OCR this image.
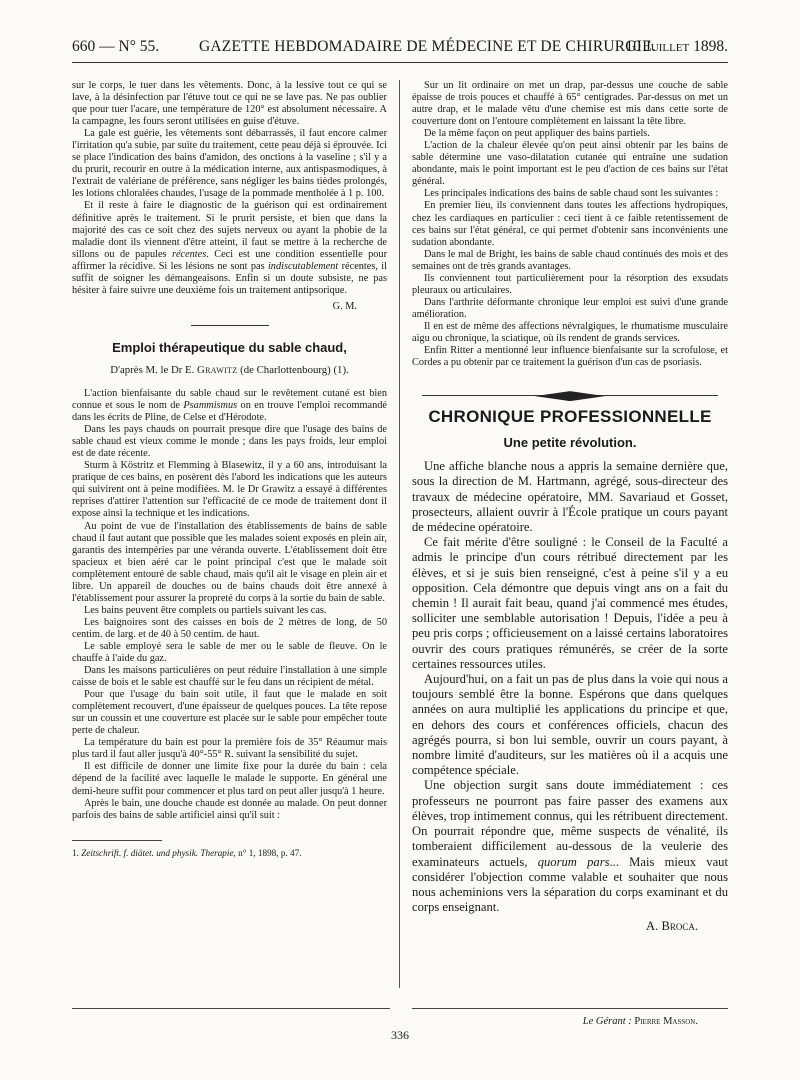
660 — N° 55.	GAZETTE HEBDOMADAIRE DE MÉDECINE ET DE CHIRURGIE.
10 Juillet 1898.

sur le corps, le tuer dans les vêtements. Donc, à la lessive tout ce qui se lave, à la désinfection par l'étuve tout ce qui ne se lave pas. Ne pas oublier que pour tuer l'acare, une température de 120° est absolument nécessaire. A la campagne, les fours seront utilisées en guise d'étuve.

La gale est guérie, les vêtements sont débarrassés, il faut encore calmer l'irritation qu'a subie, par suite du traitement, cette peau déjà si éprouvée. Ici se place l'indication des bains d'amidon, des onctions à la vaseline ; s'il y a du prurit, recourir en outre à la médication interne, aux antispasmodiques, à l'extrait de valériane de préférence, sans négliger les bains tièdes prolongés, les lotions chloralées chaudes, l'usage de la pommade mentholée à 1 p. 100.

Et il reste à faire le diagnostic de la guérison qui est ordinairement définitive après le traitement. Si le prurit persiste, et bien que dans la majorité des cas ce soit chez des sujets nerveux ou ayant la phobie de la maladie dont ils viennent d'être atteint, il faut se mettre à la recherche de sillons ou de papules récentes. Ceci est une condition essentielle pour affirmer la récidive. Si les lésions ne sont pas indiscutablement récentes, il suffit de soigner les démangeaisons. Enfin si un doute subsiste, ne pas hésiter à faire suivre une deuxième fois un traitement antipsorique.

G. M.
Emploi thérapeutique du sable chaud,
D'après M. le Dr E. Grawitz (de Charlottenbourg) (1).

L'action bienfaisante du sable chaud sur le revêtement cutané est bien connue et sous le nom de Psammismus on en trouve l'emploi recommandé dans les écrits de Pline, de Celse et d'Hérodote.

Dans les pays chauds on pourrait presque dire que l'usage des bains de sable chaud est vieux comme le monde ; dans les pays froids, leur emploi est de date récente.

Sturm à Köstritz et Flemming à Blasewitz, il y a 60 ans, introduisant la pratique de ces bains, en posèrent dès l'abord les indications que les auteurs qui suivirent ont à peine modifiées. M. le Dr Grawitz a essayé à différentes reprises d'attirer l'attention sur l'efficacité de ce mode de traitement dont il expose ainsi la technique et les indications.

Au point de vue de l'installation des établissements de bains de sable chaud il faut autant que possible que les malades soient exposés en plein air, garantis des intempéries par une véranda ouverte. L'établissement doit être spacieux et bien aéré car le point principal c'est que le malade soit complètement entouré de sable chaud, mais qu'il ait le visage en plein air et libre. Un appareil de douches ou de bains chauds doit être annexé à l'établissement pour assurer la propreté du corps à la sortie du bain de sable.

Les bains peuvent être complets ou partiels suivant les cas.

Les baignoires sont des caisses en bois de 2 mètres de long, de 50 centim. de larg. et de 40 à 50 centim. de haut.

Le sable employé sera le sable de mer ou le sable de fleuve. On le chauffe à l'aide du gaz.

Dans les maisons particulières on peut réduire l'installation à une simple caisse de bois et le sable est chauffé sur le feu dans un récipient de métal.

Pour que l'usage du bain soit utile, il faut que le malade en soit complètement recouvert, d'une épaisseur de quelques pouces. La tête repose sur un coussin et une couverture est placée sur le sable pour empêcher toute perte de chaleur.

La température du bain est pour la première fois de 35° Réaumur mais plus tard il faut aller jusqu'à 40°-55° R. suivant la sensibilité du sujet.

Il est difficile de donner une limite fixe pour la durée du bain : cela dépend de la facilité avec laquelle le malade le supporte. En général une demi-heure suffit pour commencer et plus tard on peut aller jusqu'à 1 heure.

Après le bain, une douche chaude est donnée au malade. On peut donner parfois des bains de sable artificiel ainsi qu'il suit :

1. Zeitschrift. f. diätet. und physik. Therapie, n° 1, 1898, p. 47.

Sur un lit ordinaire on met un drap, par-dessus une couche de sable épaisse de trois pouces et chauffé à 65° centigrades. Par-dessus on met un autre drap, et le malade vêtu d'une chemise est mis dans cette sorte de couverture dont on l'entoure complètement en laissant la tête libre.

De la même façon on peut appliquer des bains partiels.

L'action de la chaleur élevée qu'on peut ainsi obtenir par les bains de sable détermine une vaso-dilatation cutanée qui entraîne une sudation abondante, mais le point important est le peu d'action de ces bains sur l'état général.

Les principales indications des bains de sable chaud sont les suivantes :

En premier lieu, ils conviennent dans toutes les affections hydropiques, chez les cardiaques en particulier : ceci tient à ce faible retentissement de ces bains sur l'état général, ce qui permet d'obtenir sans inconvénients une sudation abondante.

Dans le mal de Bright, les bains de sable chaud continués des mois et des semaines ont de très grands avantages.

Ils conviennent tout particulièrement pour la résorption des exsudats pleuraux ou articulaires.

Dans l'arthrite déformante chronique leur emploi est suivi d'une grande amélioration.

Il en est de même des affections névralgiques, le rhumatisme musculaire aigu ou chronique, la sciatique, où ils rendent de grands services.

Enfin Ritter a mentionné leur influence bienfaisante sur la scrofulose, et Cordes a pu obtenir par ce traitement la guérison d'un cas de psoriasis.

CHRONIQUE PROFESSIONNELLE
Une petite révolution.

Une affiche blanche nous a appris la semaine dernière que, sous la direction de M. Hartmann, agrégé, sous-directeur des travaux de médecine opératoire, MM. Savariaud et Gosset, prosecteurs, allaient ouvrir à l'École pratique un cours payant de médecine opératoire.

Ce fait mérite d'être souligné : le Conseil de la Faculté a admis le principe d'un cours rétribué directement par les élèves, et si je suis bien renseigné, c'est à peine s'il y a eu opposition. Cela démontre que depuis vingt ans on a fait du chemin ! Il aurait fait beau, quand j'ai commencé mes études, solliciter une semblable autorisation ! Depuis, l'idée a peu à peu pris corps ; officieusement on a laissé certains laboratoires ouvrir des cours pratiques rémunérés, se créer de la sorte certaines ressources utiles.

Aujourd'hui, on a fait un pas de plus dans la voie qui nous a toujours semblé être la bonne. Espérons que dans quelques années on aura multiplié les applications du principe et que, en dehors des cours et conférences officiels, chacun des agrégés pourra, si bon lui semble, ouvrir un cours payant, à nombre limité d'auditeurs, sur les matières où il a acquis une compétence spéciale.

Une objection surgit sans doute immédiatement : ces professeurs ne pourront pas faire passer des examens aux élèves, trop intimement connus, qui les rétribuent directement. On pourrait répondre que, même suspects de vénalité, ils tomberaient difficilement au-dessous de la veulerie des examinateurs actuels, quorum pars... Mais mieux vaut considérer l'objection comme valable et souhaiter que nous nous acheminions vers la séparation du corps examinant et du corps enseignant.

A. Broca.
Le Gérant : Pierre Masson.
336
